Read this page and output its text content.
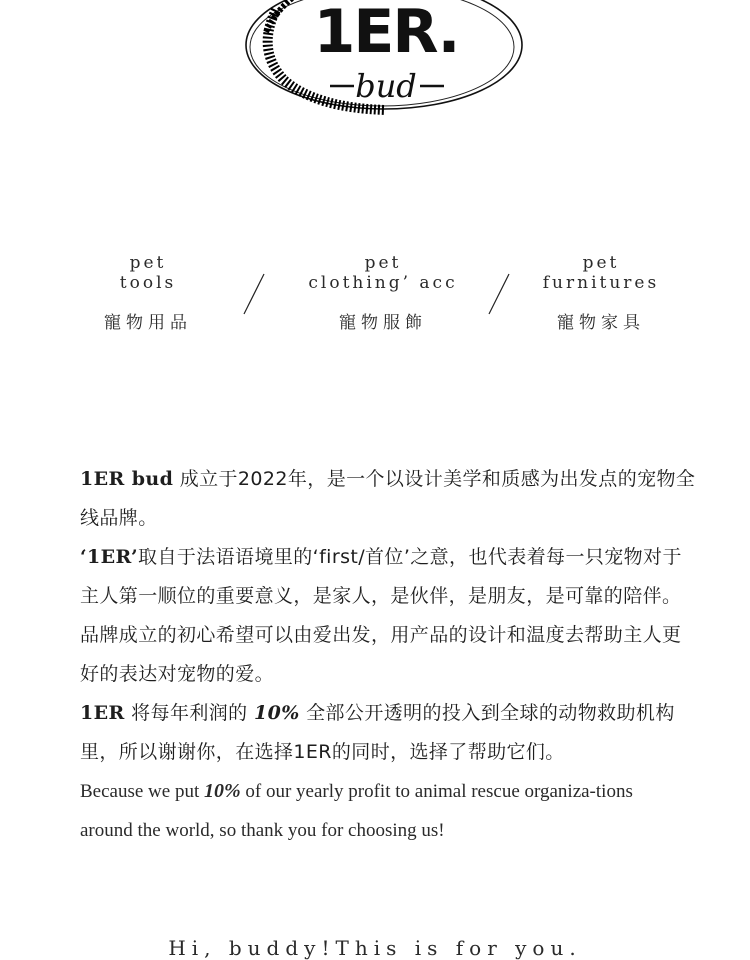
1ER.
bud
pet
tools
寵物用品
pet
clothing’ acc
寵物服飾
pet
furnitures
寵物家具

1ER bud 成立于2022年，是一个以设计美学和质感为出发点的宠物全线品牌。

‘1ER’取自于法语语境里的‘first/首位’之意，也代表着每一只宠物对于主人第一顺位的重要意义，是家人，是伙伴，是朋友，是可靠的陪伴。品牌成立的初心希望可以由爱出发，用产品的设计和温度去帮助主人更好的表达对宠物的爱。

1ER 将每年利润的 10% 全部公开透明的投入到全球的动物救助机构里，所以谢谢你，在选择1ER的同时，选择了帮助它们。

Because we put 10% of our yearly profit to animal rescue organiza-tions

around the world, so thank you for choosing us!

Hi, buddy!This is for you.
